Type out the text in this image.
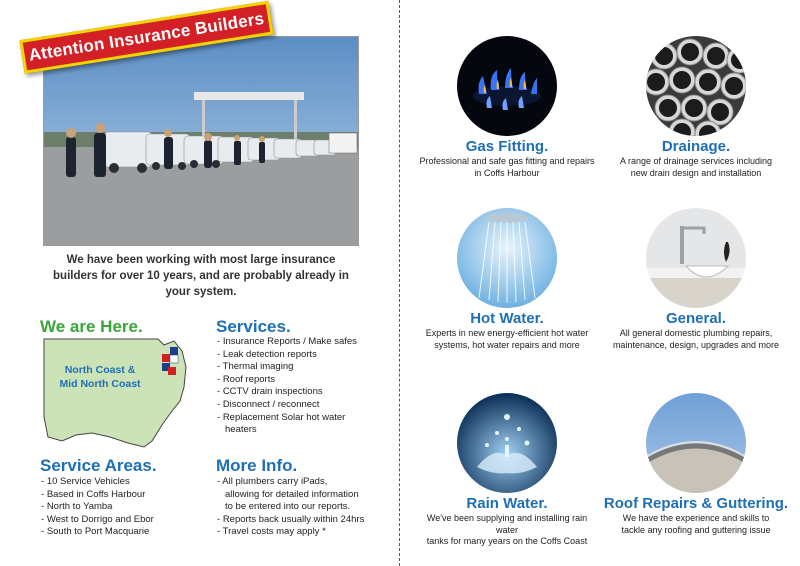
Attention Insurance Builders
We have been working with most large insurance builders for over 10 years, and are probably already in your system.
We are Here.
North Coast &
Mid North Coast
Services.
- Insurance Reports / Make safes
- Leak detection reports
- Thermal imaging
- Roof reports
- CCTV drain inspections
- Disconnect / reconnect
- Replacement Solar hot water
heaters
Service Areas.
- 10 Service Vehicles
- Based in Coffs Harbour
- North to Yamba
- West to Dorrigo and Ebor
- South to Port Macquarie
More Info.
- All plumbers carry iPads,
allowing for detailed information
to be entered into our reports.
- Reports back usually within 24hrs
- Travel costs may apply *
Gas Fitting.
Professional and safe gas fitting and repairs
in Coffs Harbour
Drainage.
A range of drainage services including
new drain design and installation
Hot Water.
Experts in new energy-efficient hot water
systems, hot water repairs and more
General.
All general domestic plumbing repairs,
maintenance, design, upgrades and more
Rain Water.
We've been supplying and installing rain water
tanks for many years on the Coffs Coast
Roof Repairs & Guttering.
We have the experience and skills to
tackle any roofing and guttering issue
